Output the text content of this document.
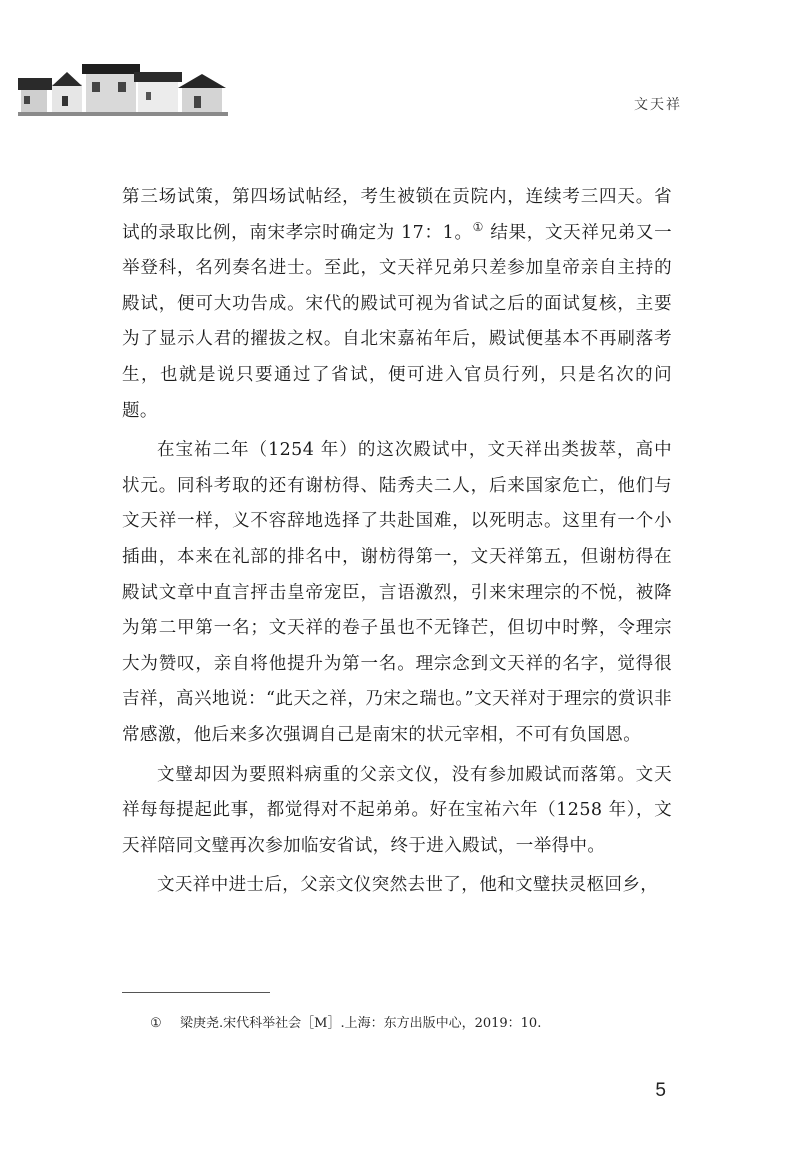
文天祥

第三场试策，第四场试帖经，考生被锁在贡院内，连续考三四天。省试的录取比例，南宋孝宗时确定为 17：1。① 结果，文天祥兄弟又一举登科，名列奏名进士。至此，文天祥兄弟只差参加皇帝亲自主持的殿试，便可大功告成。宋代的殿试可视为省试之后的面试复核，主要为了显示人君的擢拔之权。自北宋嘉祐年后，殿试便基本不再刷落考生，也就是说只要通过了省试，便可进入官员行列，只是名次的问题。

在宝祐二年（1254 年）的这次殿试中，文天祥出类拔萃，高中状元。同科考取的还有谢枋得、陆秀夫二人，后来国家危亡，他们与文天祥一样，义不容辞地选择了共赴国难，以死明志。这里有一个小插曲，本来在礼部的排名中，谢枋得第一，文天祥第五，但谢枋得在殿试文章中直言抨击皇帝宠臣，言语激烈，引来宋理宗的不悦，被降为第二甲第一名；文天祥的卷子虽也不无锋芒，但切中时弊，令理宗大为赞叹，亲自将他提升为第一名。理宗念到文天祥的名字，觉得很吉祥，高兴地说：“此天之祥，乃宋之瑞也。”文天祥对于理宗的赏识非常感激，他后来多次强调自己是南宋的状元宰相，不可有负国恩。

文璧却因为要照料病重的父亲文仪，没有参加殿试而落第。文天祥每每提起此事，都觉得对不起弟弟。好在宝祐六年（1258 年），文天祥陪同文璧再次参加临安省试，终于进入殿试，一举得中。

文天祥中进士后，父亲文仪突然去世了，他和文璧扶灵柩回乡，

① 梁庚尧.宋代科举社会［M］.上海：东方出版中心，2019：10.
5
